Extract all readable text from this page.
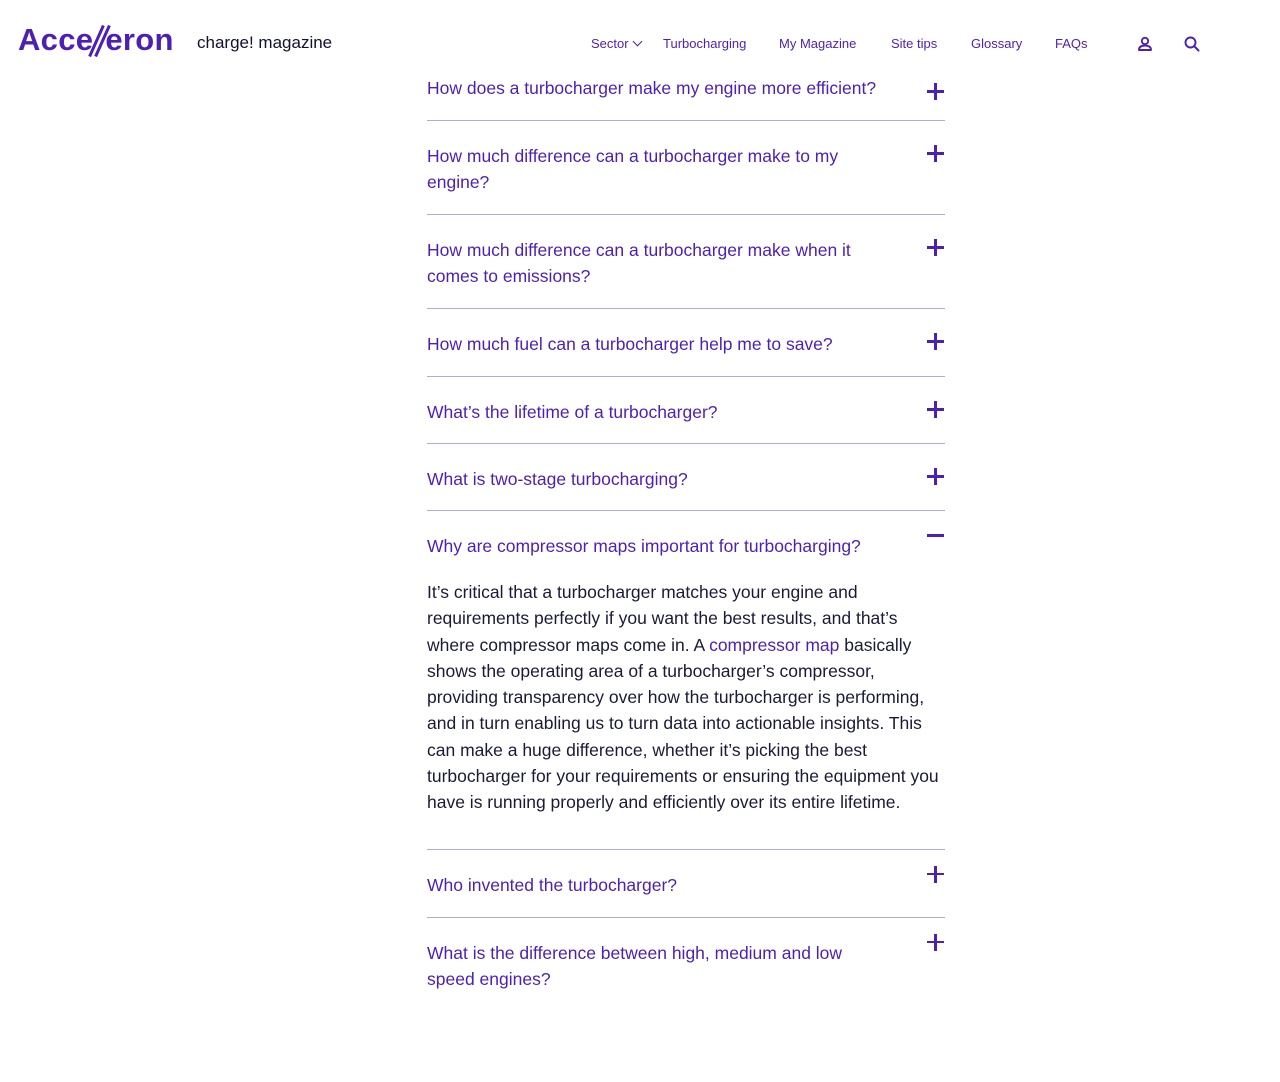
Acce eron charge! magazine	Sector	Turbocharging	My Magazine	Site tips	Glossary	FAQs
How does a turbocharger make my engine more efficient?
How much difference can a turbocharger make to my engine?
How much difference can a turbocharger make when it comes to emissions?
How much fuel can a turbocharger help me to save?
What’s the lifetime of a turbocharger?
What is two-stage turbocharging?
Why are compressor maps important for turbocharging?

It’s critical that a turbocharger matches your engine and requirements perfectly if you want the best results, and that’s where compressor maps come in. A compressor map basically shows the operating area of a turbocharger’s compressor, providing transparency over how the turbocharger is performing, and in turn enabling us to turn data into actionable insights. This can make a huge difference, whether it’s picking the best turbocharger for your requirements or ensuring the equipment you have is running properly and efficiently over its entire lifetime.

Who invented the turbocharger?
What is the difference between high, medium and low speed engines?
